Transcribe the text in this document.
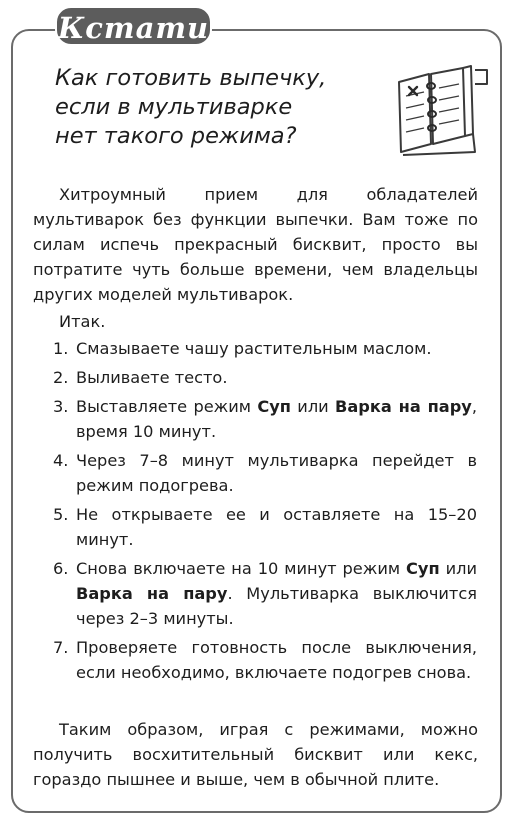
Кстати
Как готовить выпечку,
если в мультиварке
нет такого режима?
Хитроумный прием для обладателей мультиварок без функции выпечки. Вам тоже по силам испечь прекрасный бисквит, просто вы потратите чуть больше времени, чем владельцы других моделей мультиварок.
Итак.
1. Смазываете чашу растительным маслом.
2. Выливаете тесто.
3. Выставляете режим Суп или Варка на пару, время 10 минут.
4. Через 7–8 минут мультиварка перейдет в режим подогрева.
5. Не открываете ее и оставляете на 15–20 минут.
6. Снова включаете на 10 минут режим Суп или Варка на пару. Мультиварка выключится через 2–3 минуты.
7. Проверяете готовность после выключения, если необходимо, включаете подогрев снова.
Таким образом, играя с режимами, можно получить восхитительный бисквит или кекс, гораздо пышнее и выше, чем в обычной плите.
